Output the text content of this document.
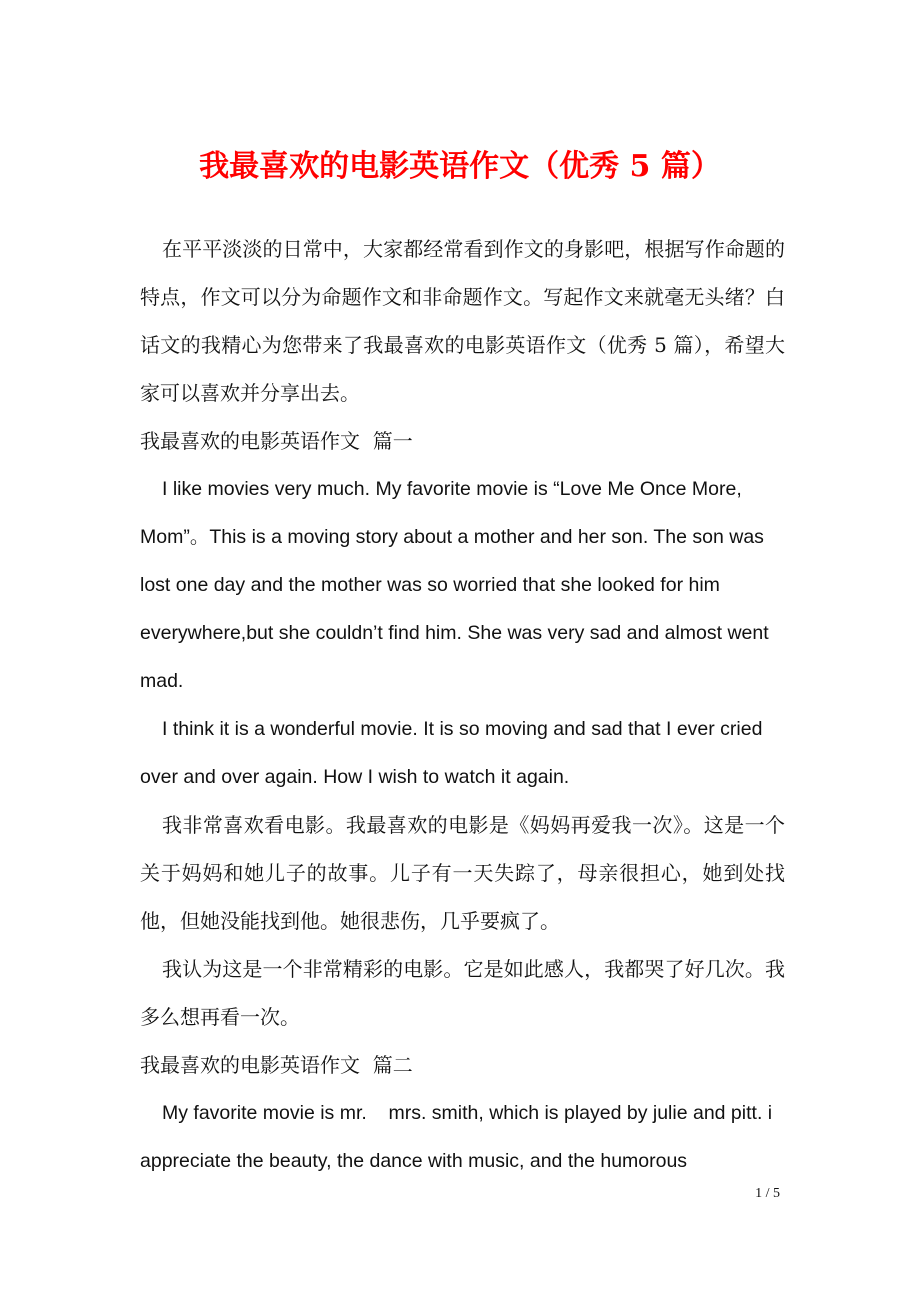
我最喜欢的电影英语作文（优秀 5 篇）

在平平淡淡的日常中，大家都经常看到作文的身影吧，根据写作命题的特点，作文可以分为命题作文和非命题作文。写起作文来就毫无头绪？白话文的我精心为您带来了我最喜欢的电影英语作文（优秀 5 篇），希望大家可以喜欢并分享出去。

我最喜欢的电影英语作文  篇一

I like movies very much. My favorite movie is “Love Me Once More, Mom”。This is a moving story about a mother and her son. The son was lost one day and the mother was so worried that she looked for him everywhere,but she couldn’t find him. She was very sad and almost went mad.

I think it is a wonderful movie. It is so moving and sad that I ever cried over and over again. How I wish to watch it again.

我非常喜欢看电影。我最喜欢的电影是《妈妈再爱我一次》。这是一个关于妈妈和她儿子的故事。儿子有一天失踪了，母亲很担心，她到处找他，但她没能找到他。她很悲伤，几乎要疯了。

我认为这是一个非常精彩的电影。它是如此感人，我都哭了好几次。我多么想再看一次。

我最喜欢的电影英语作文  篇二

My favorite movie is mr.    mrs. smith, which is played by julie and pitt. i appreciate the beauty, the dance with music, and the humorous

1 / 5
